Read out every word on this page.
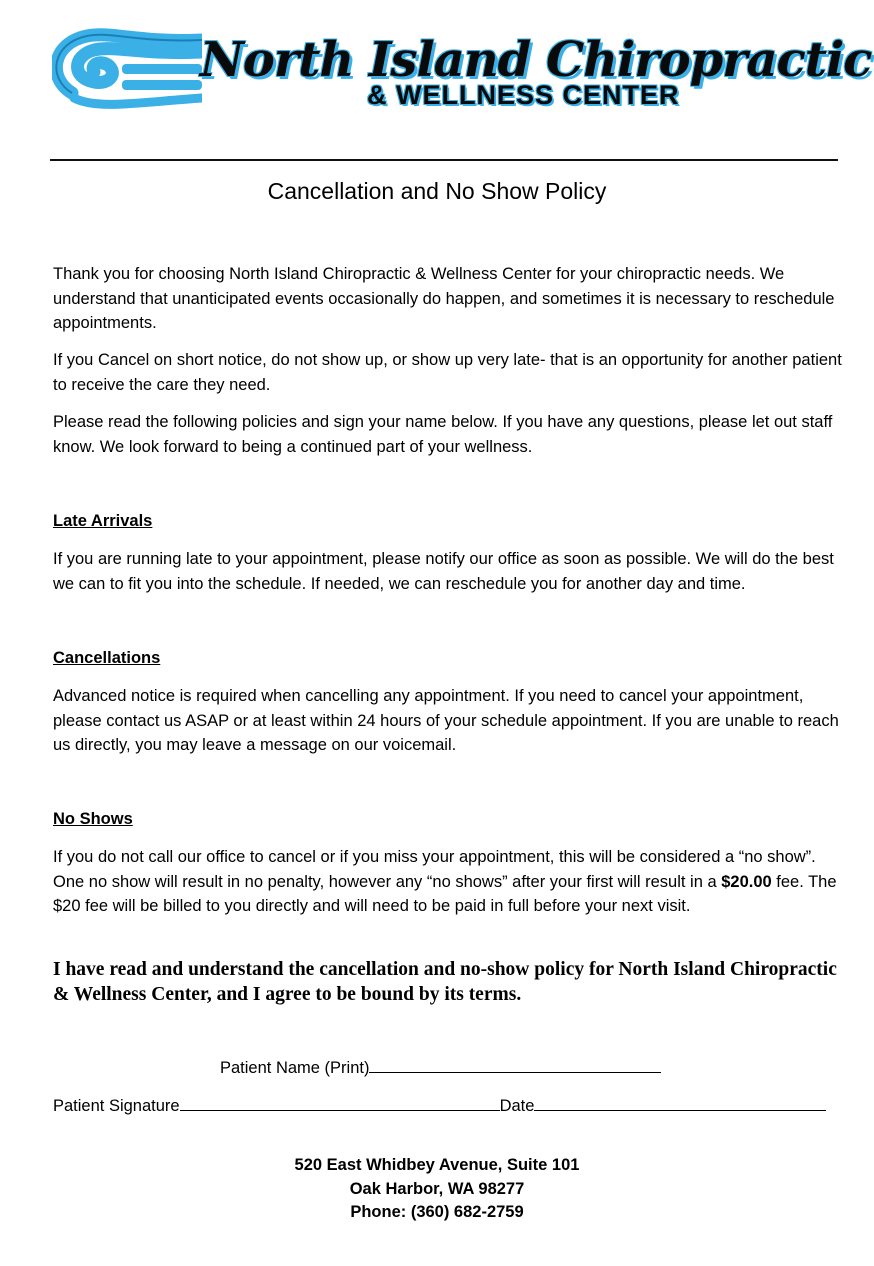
North Island Chiropractic
& WELLNESS CENTER
Cancellation and No Show Policy

Thank you for choosing North Island Chiropractic & Wellness Center for your chiropractic needs. We understand that unanticipated events occasionally do happen, and sometimes it is necessary to reschedule appointments.

If you Cancel on short notice, do not show up, or show up very late- that is an opportunity for another patient to receive the care they need.

Please read the following policies and sign your name below. If you have any questions, please let out staff know. We look forward to being a continued part of your wellness.

Late Arrivals

If you are running late to your appointment, please notify our office as soon as possible. We will do the best we can to fit you into the schedule. If needed, we can reschedule you for another day and time.

Cancellations

Advanced notice is required when cancelling any appointment. If you need to cancel your appointment, please contact us ASAP or at least within 24 hours of your schedule appointment. If you are unable to reach us directly, you may leave a message on our voicemail.

No Shows

If you do not call our office to cancel or if you miss your appointment, this will be considered a “no show”. One no show will result in no penalty, however any “no shows” after your first will result in a $20.00 fee. The $20 fee will be billed to you directly and will need to be paid in full before your next visit.

I have read and understand the cancellation and no-show policy for North Island Chiropractic & Wellness Center, and I agree to be bound by its terms.

Patient Name (Print)
Patient Signature	Date
520 East Whidbey Avenue, Suite 101
Oak Harbor, WA 98277
Phone: (360) 682-2759
